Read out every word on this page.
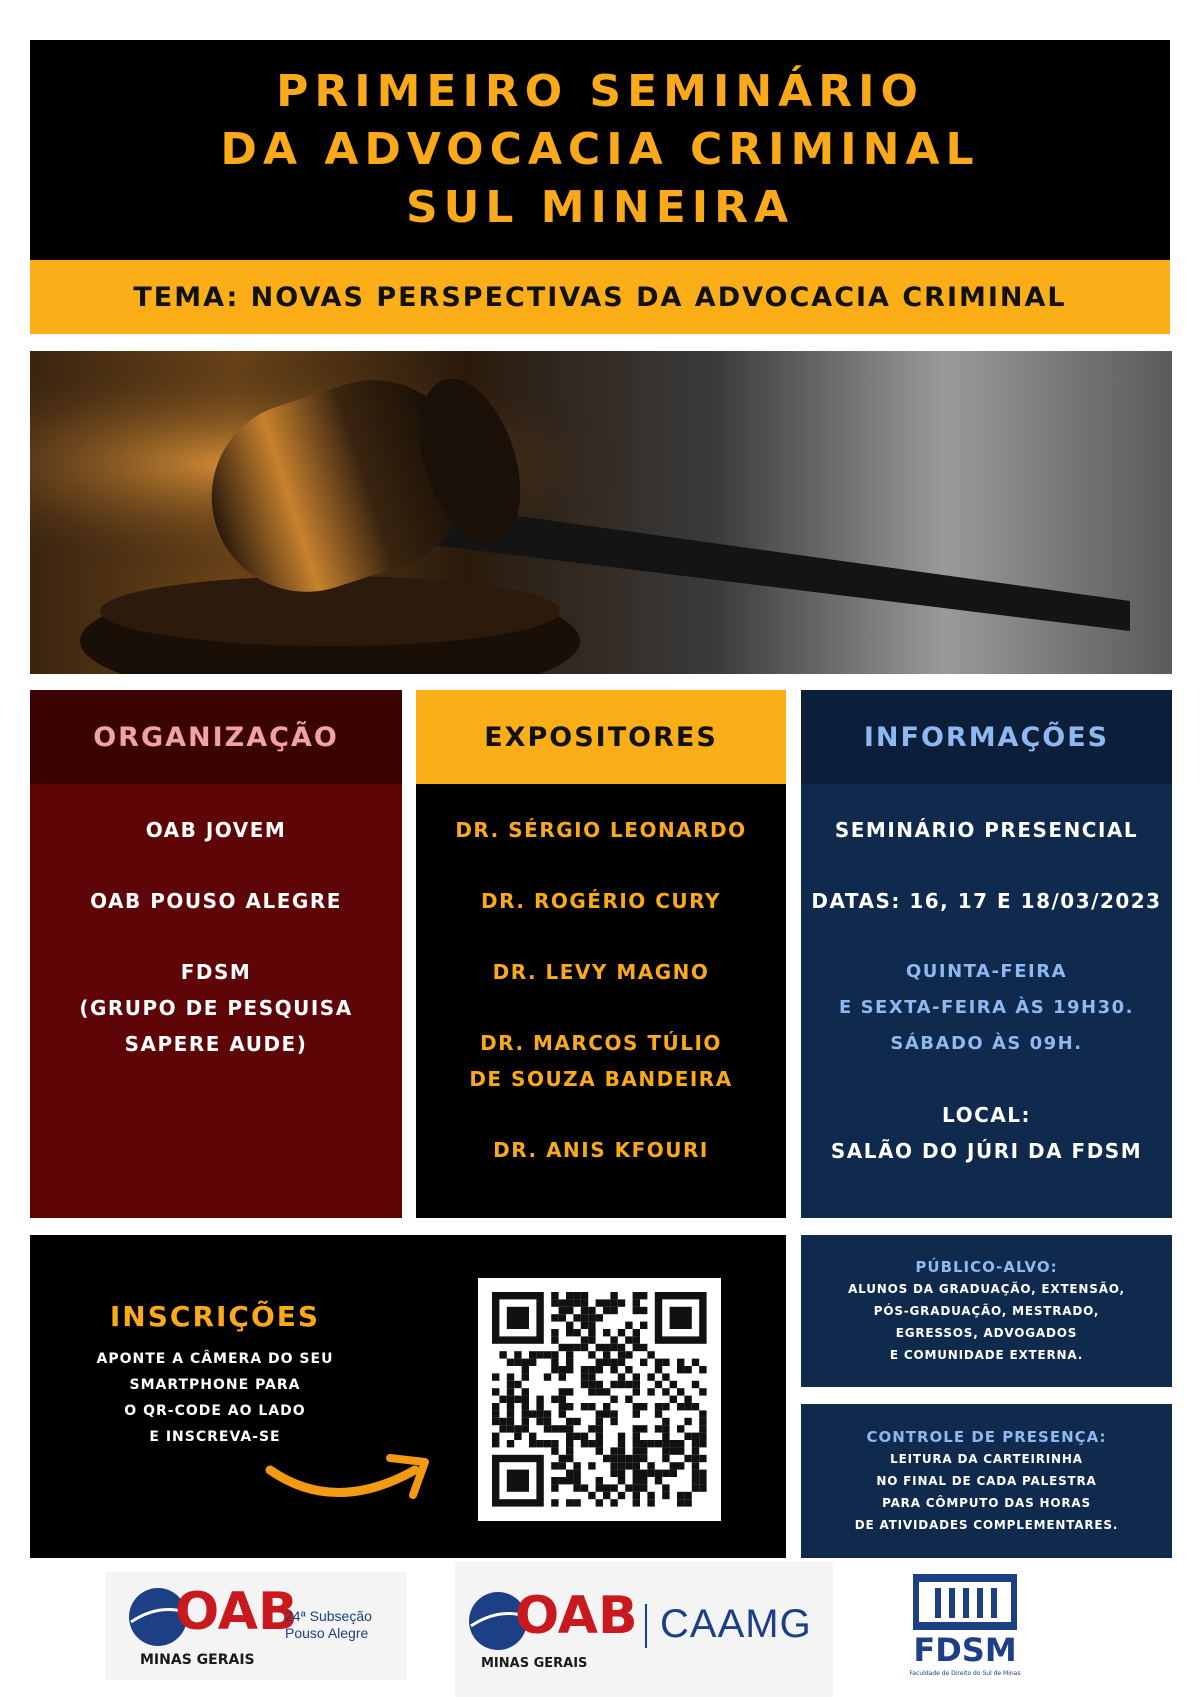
PRIMEIRO SEMINÁRIO
DA ADVOCACIA CRIMINAL
SUL MINEIRA
TEMA: NOVAS PERSPECTIVAS DA ADVOCACIA CRIMINAL
ORGANIZAÇÃO
OAB JOVEM
OAB POUSO ALEGRE
FDSM
(GRUPO DE PESQUISA
SAPERE AUDE)
EXPOSITORES
DR. SÉRGIO LEONARDO
DR. ROGÉRIO CURY
DR. LEVY MAGNO
DR. MARCOS TÚLIO
DE SOUZA BANDEIRA
DR. ANIS KFOURI
INFORMAÇÕES
SEMINÁRIO PRESENCIAL
DATAS: 16, 17 E 18/03/2023
QUINTA-FEIRA
E SEXTA-FEIRA ÀS 19H30.
SÁBADO ÀS 09H.
LOCAL:
SALÃO DO JÚRI DA FDSM
INSCRIÇÕES
APONTE A CÂMERA DO SEU
SMARTPHONE PARA
O QR-CODE AO LADO
E INSCREVA-SE
PÚBLICO-ALVO:
ALUNOS DA GRADUAÇÃO, EXTENSÃO,
PÓS-GRADUAÇÃO, MESTRADO,
EGRESSOS, ADVOGADOS
E COMUNIDADE EXTERNA.
CONTROLE DE PRESENÇA:
LEITURA DA CARTEIRINHA
NO FINAL DE CADA PALESTRA
PARA CÔMPUTO DAS HORAS
DE ATIVIDADES COMPLEMENTARES.
OAB
MINAS GERAIS
24ª Subseção
Pouso Alegre	OAB
MINAS GERAIS
CAAMG
FDSM
Faculdade de Direito do Sul de Minas
